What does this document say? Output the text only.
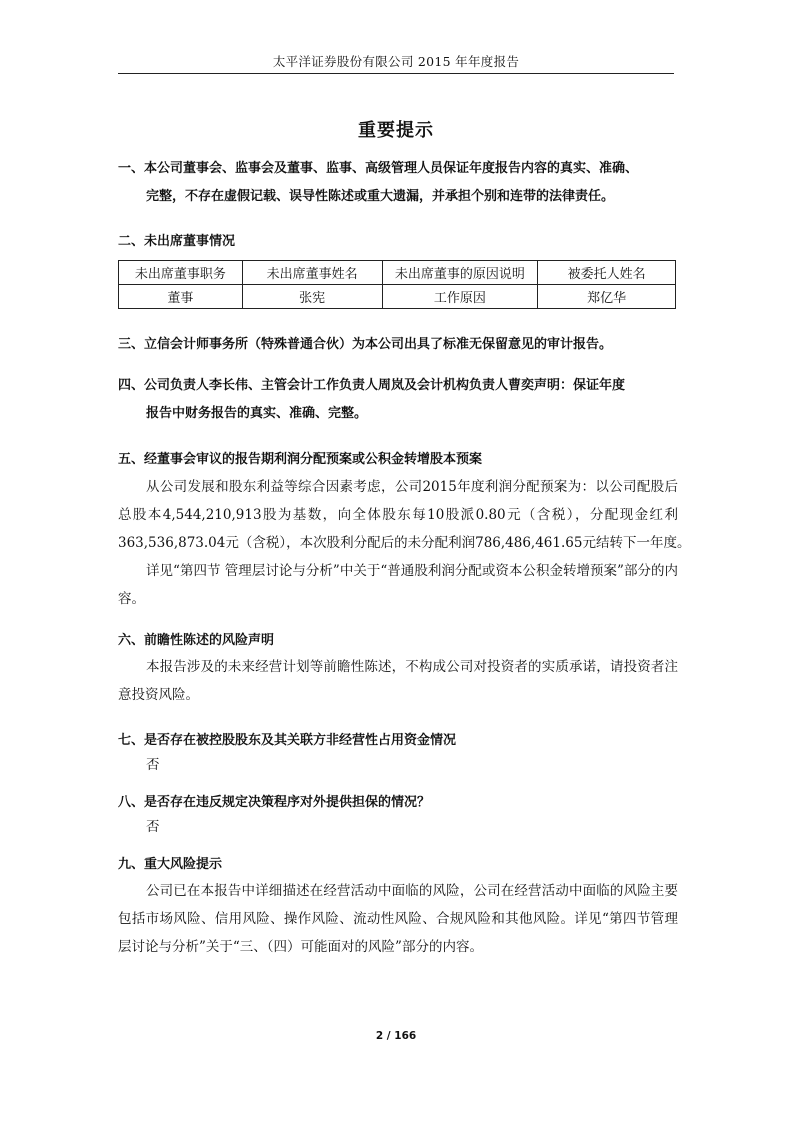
太平洋证券股份有限公司 2015 年年度报告
重要提示
一、本公司董事会、监事会及董事、监事、高级管理人员保证年度报告内容的真实、准确、
完整，不存在虚假记载、误导性陈述或重大遗漏，并承担个别和连带的法律责任。
二、未出席董事情况
未出席董事职务	未出席董事姓名	未出席董事的原因说明	被委托人姓名
董事	张宪	工作原因	郑亿华
三、立信会计师事务所（特殊普通合伙）为本公司出具了标准无保留意见的审计报告。
四、公司负责人李长伟、主管会计工作负责人周岚及会计机构负责人曹奕声明：保证年度
报告中财务报告的真实、准确、完整。
五、经董事会审议的报告期利润分配预案或公积金转增股本预案

从公司发展和股东利益等综合因素考虑，公司2015年度利润分配预案为：以公司配股后

总股本4,544,210,913股为基数，向全体股东每10股派0.80元（含税），分配现金红利

363,536,873.04元（含税），本次股利分配后的未分配利润786,486,461.65元结转下一年度。

详见“第四节 管理层讨论与分析”中关于“普通股利润分配或资本公积金转增预案”部分的内容。

六、前瞻性陈述的风险声明

本报告涉及的未来经营计划等前瞻性陈述，不构成公司对投资者的实质承诺，请投资者注意投资风险。

七、是否存在被控股股东及其关联方非经营性占用资金情况
否
八、是否存在违反规定决策程序对外提供担保的情况？
否
九、重大风险提示

公司已在本报告中详细描述在经营活动中面临的风险，公司在经营活动中面临的风险主要包括市场风险、信用风险、操作风险、流动性风险、合规风险和其他风险。详见“第四节管理层讨论与分析”关于“三、（四）可能面对的风险”部分的内容。

2 / 166
